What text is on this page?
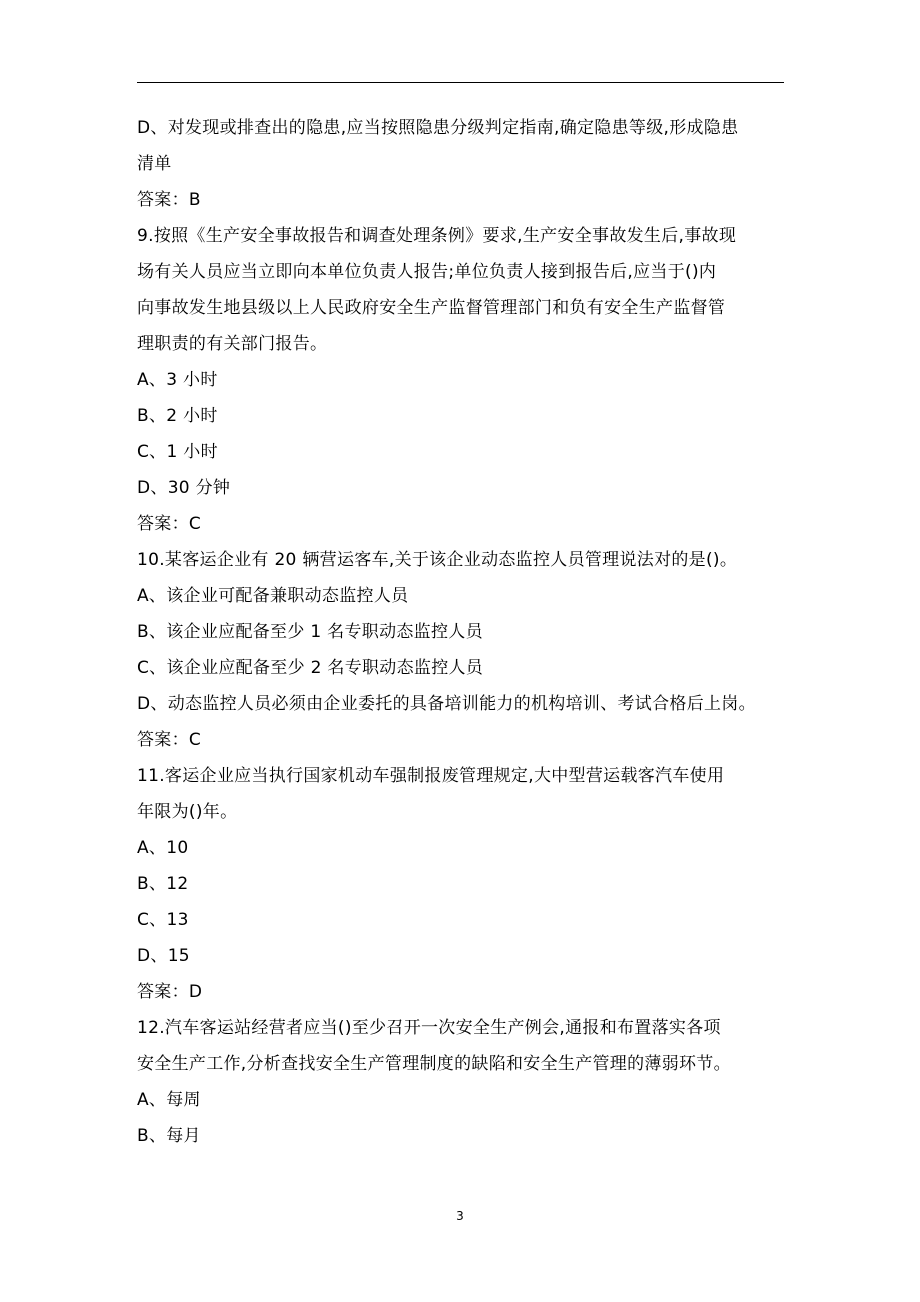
D、对发现或排查出的隐患,应当按照隐患分级判定指南,确定隐患等级,形成隐患
清单
答案：B
9.按照《生产安全事故报告和调查处理条例》要求,生产安全事故发生后,事故现
场有关人员应当立即向本单位负责人报告;单位负责人接到报告后,应当于()内
向事故发生地县级以上人民政府安全生产监督管理部门和负有安全生产监督管
理职责的有关部门报告。
A、3 小时
B、2 小时
C、1 小时
D、30 分钟
答案：C
10.某客运企业有 20 辆营运客车,关于该企业动态监控人员管理说法对的是()。
A、该企业可配备兼职动态监控人员
B、该企业应配备至少 1 名专职动态监控人员
C、该企业应配备至少 2 名专职动态监控人员
D、动态监控人员必须由企业委托的具备培训能力的机构培训、考试合格后上岗。
答案：C
11.客运企业应当执行国家机动车强制报废管理规定,大中型营运载客汽车使用
年限为()年。
A、10
B、12
C、13
D、15
答案：D
12.汽车客运站经营者应当()至少召开一次安全生产例会,通报和布置落实各项
安全生产工作,分析查找安全生产管理制度的缺陷和安全生产管理的薄弱环节。
A、每周
B、每月
3
